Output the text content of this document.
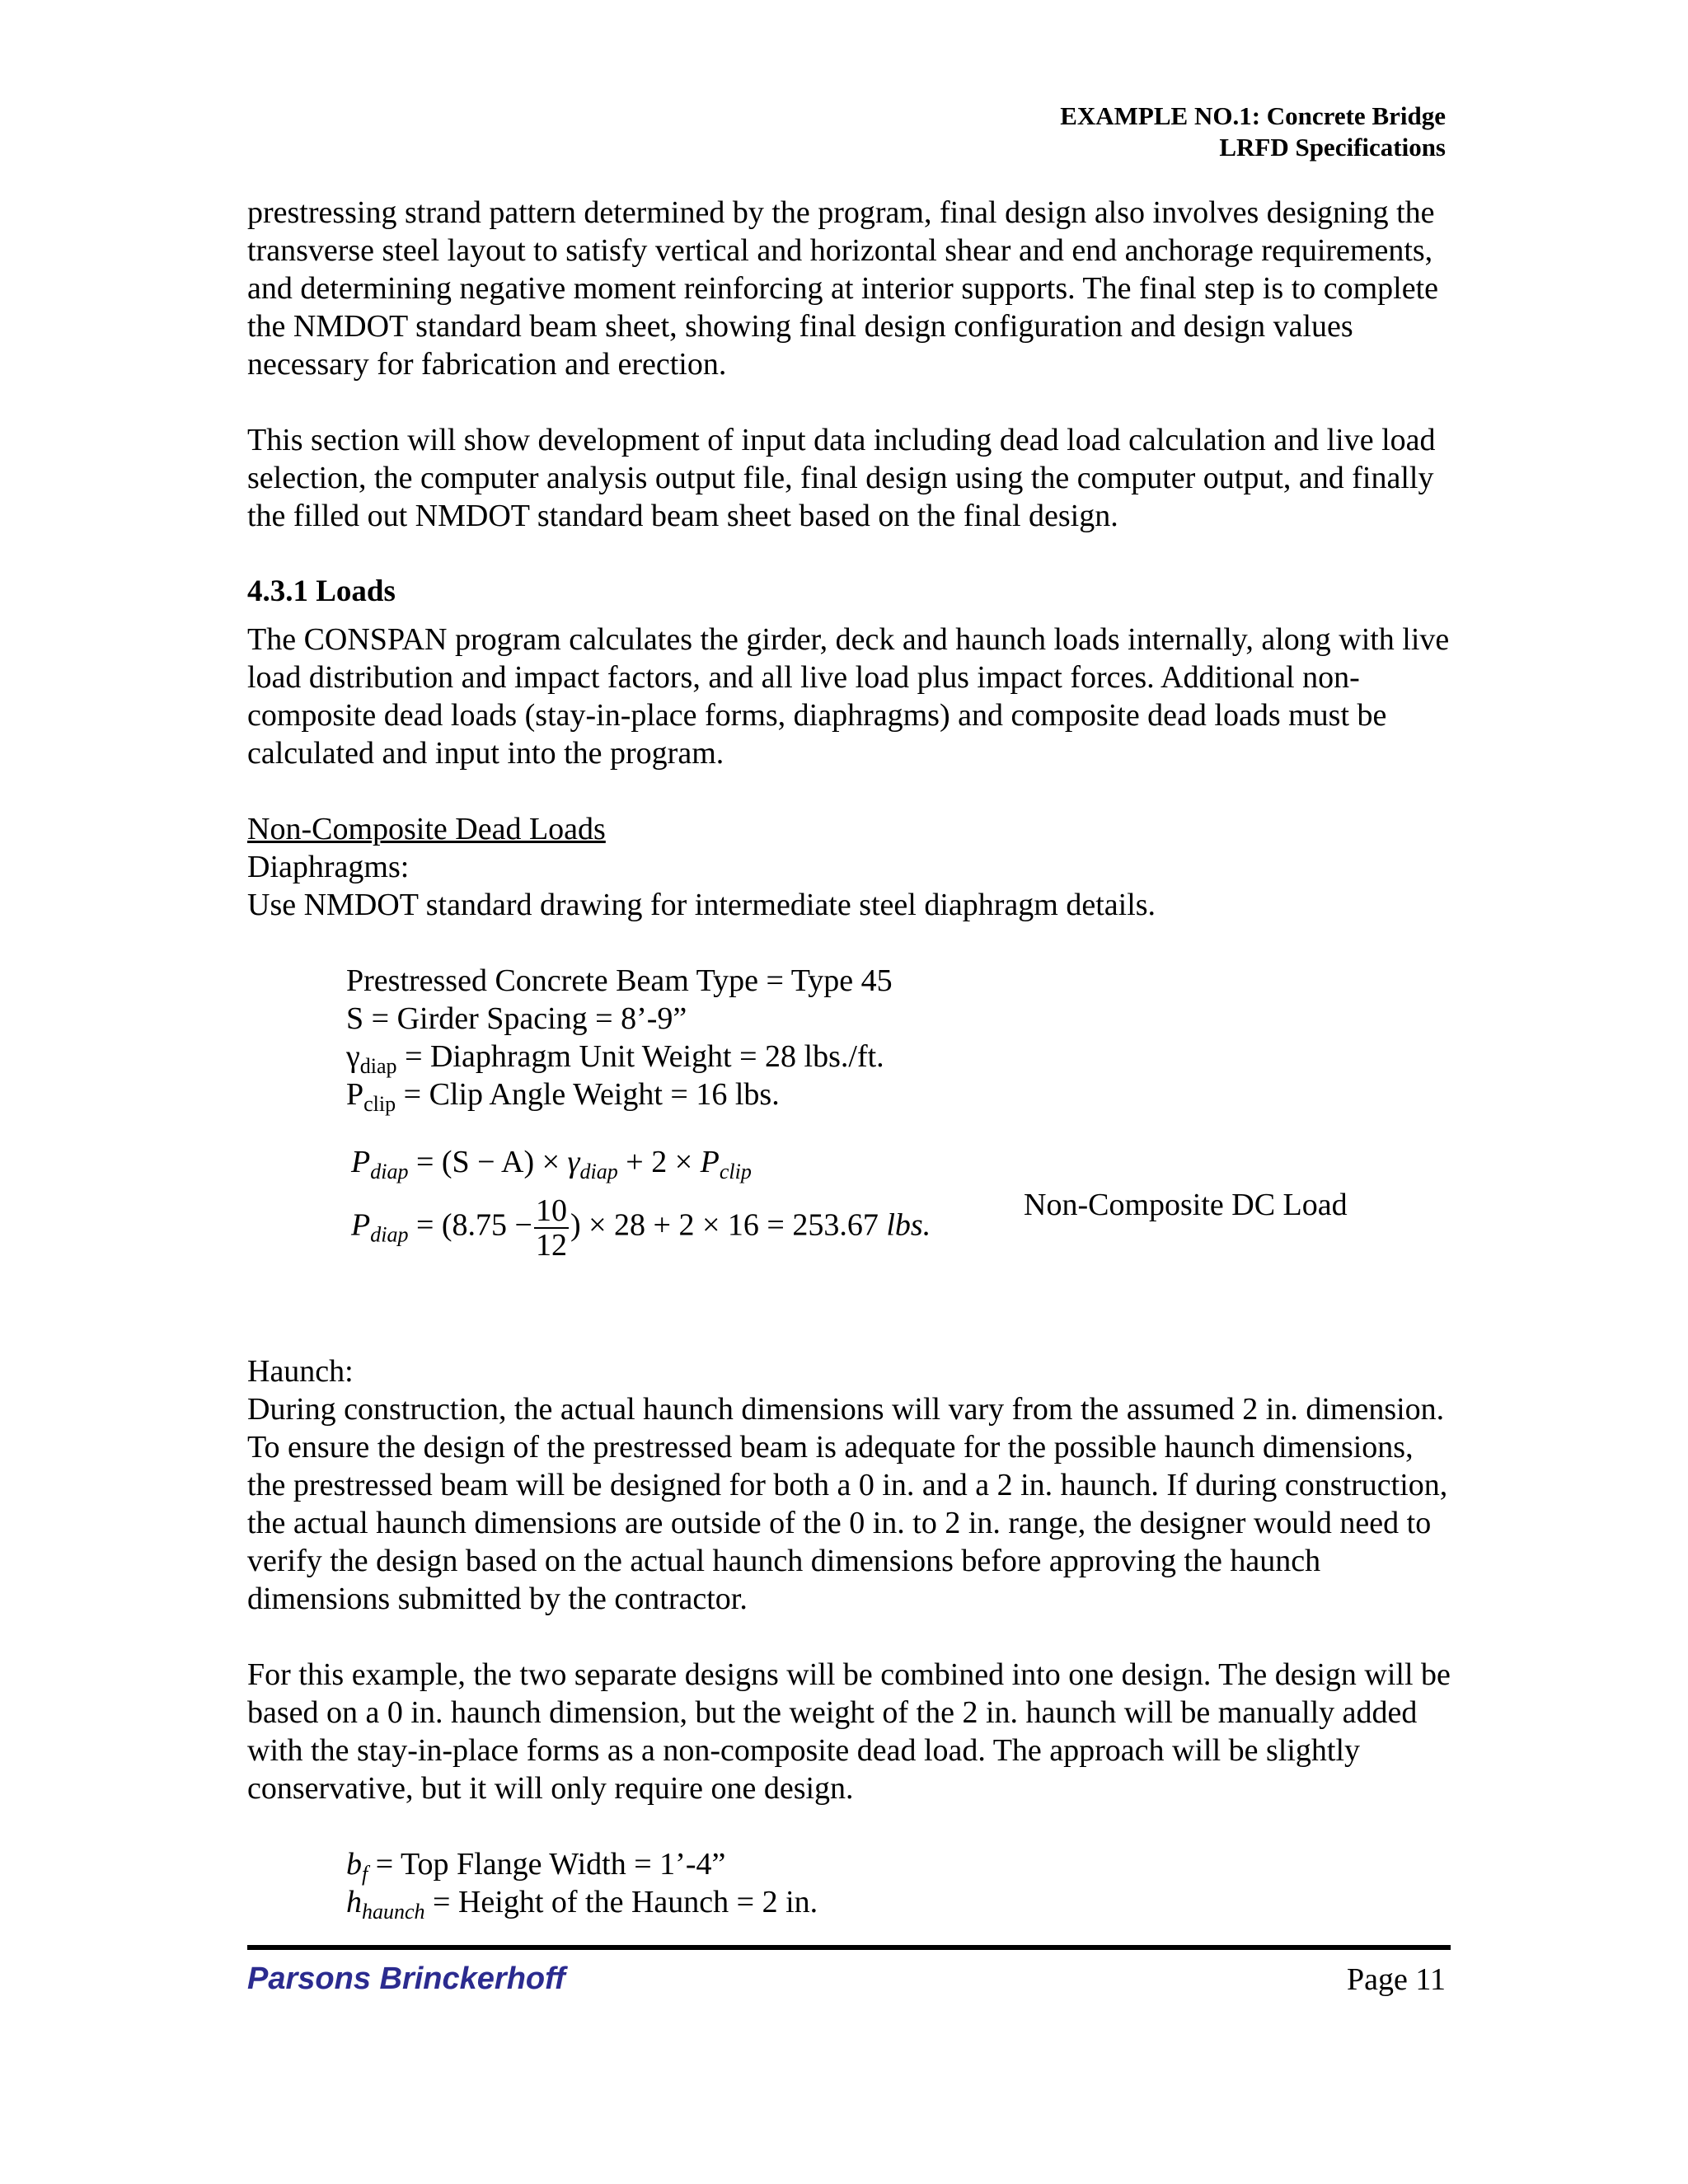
EXAMPLE NO.1: Concrete Bridge
LRFD Specifications

prestressing strand pattern determined by the program, final design also involves designing the transverse steel layout to satisfy vertical and horizontal shear and end anchorage requirements, and determining negative moment reinforcing at interior supports. The final step is to complete the NMDOT standard beam sheet, showing final design configuration and design values necessary for fabrication and erection.

This section will show development of input data including dead load calculation and live load selection, the computer analysis output file, final design using the computer output, and finally the filled out NMDOT standard beam sheet based on the final design.

4.3.1 Loads

The CONSPAN program calculates the girder, deck and haunch loads internally, along with live load distribution and impact factors, and all live load plus impact forces. Additional non-composite dead loads (stay-in-place forms, diaphragms) and composite dead loads must be calculated and input into the program.

Non-Composite Dead Loads

Diaphragms:

Use NMDOT standard drawing for intermediate steel diaphragm details.

Prestressed Concrete Beam Type = Type 45

S = Girder Spacing = 8’-9”

$\gamma_{diap}$ = Diaphragm Unit Weight = 28 lbs./ft.

$P_{clip}$ = Clip Angle Weight = 16 lbs.

$P_{diap} = (S - A) \times \gamma_{diap} + 2 \times P_{clip}$
$P_{diap} = (8.75 - \frac{10}{12}$ ) × 28 + 2 × 16 = 253.67 lbs.
Non-Composite DC Load

Haunch:

During construction, the actual haunch dimensions will vary from the assumed 2 in. dimension. To ensure the design of the prestressed beam is adequate for the possible haunch dimensions, the prestressed beam will be designed for both a 0 in. and a 2 in. haunch. If during construction, the actual haunch dimensions are outside of the 0 in. to 2 in. range, the designer would need to verify the design based on the actual haunch dimensions before approving the haunch dimensions submitted by the contractor.

For this example, the two separate designs will be combined into one design. The design will be based on a 0 in. haunch dimension, but the weight of the 2 in. haunch will be manually added with the stay-in-place forms as a non-composite dead load. The approach will be slightly conservative, but it will only require one design.

$b_f$ = Top Flange Width = 1’-4”

$h_{haunch}$ = Height of the Haunch = 2 in.

Parsons Brinckerhoff	Page 11
